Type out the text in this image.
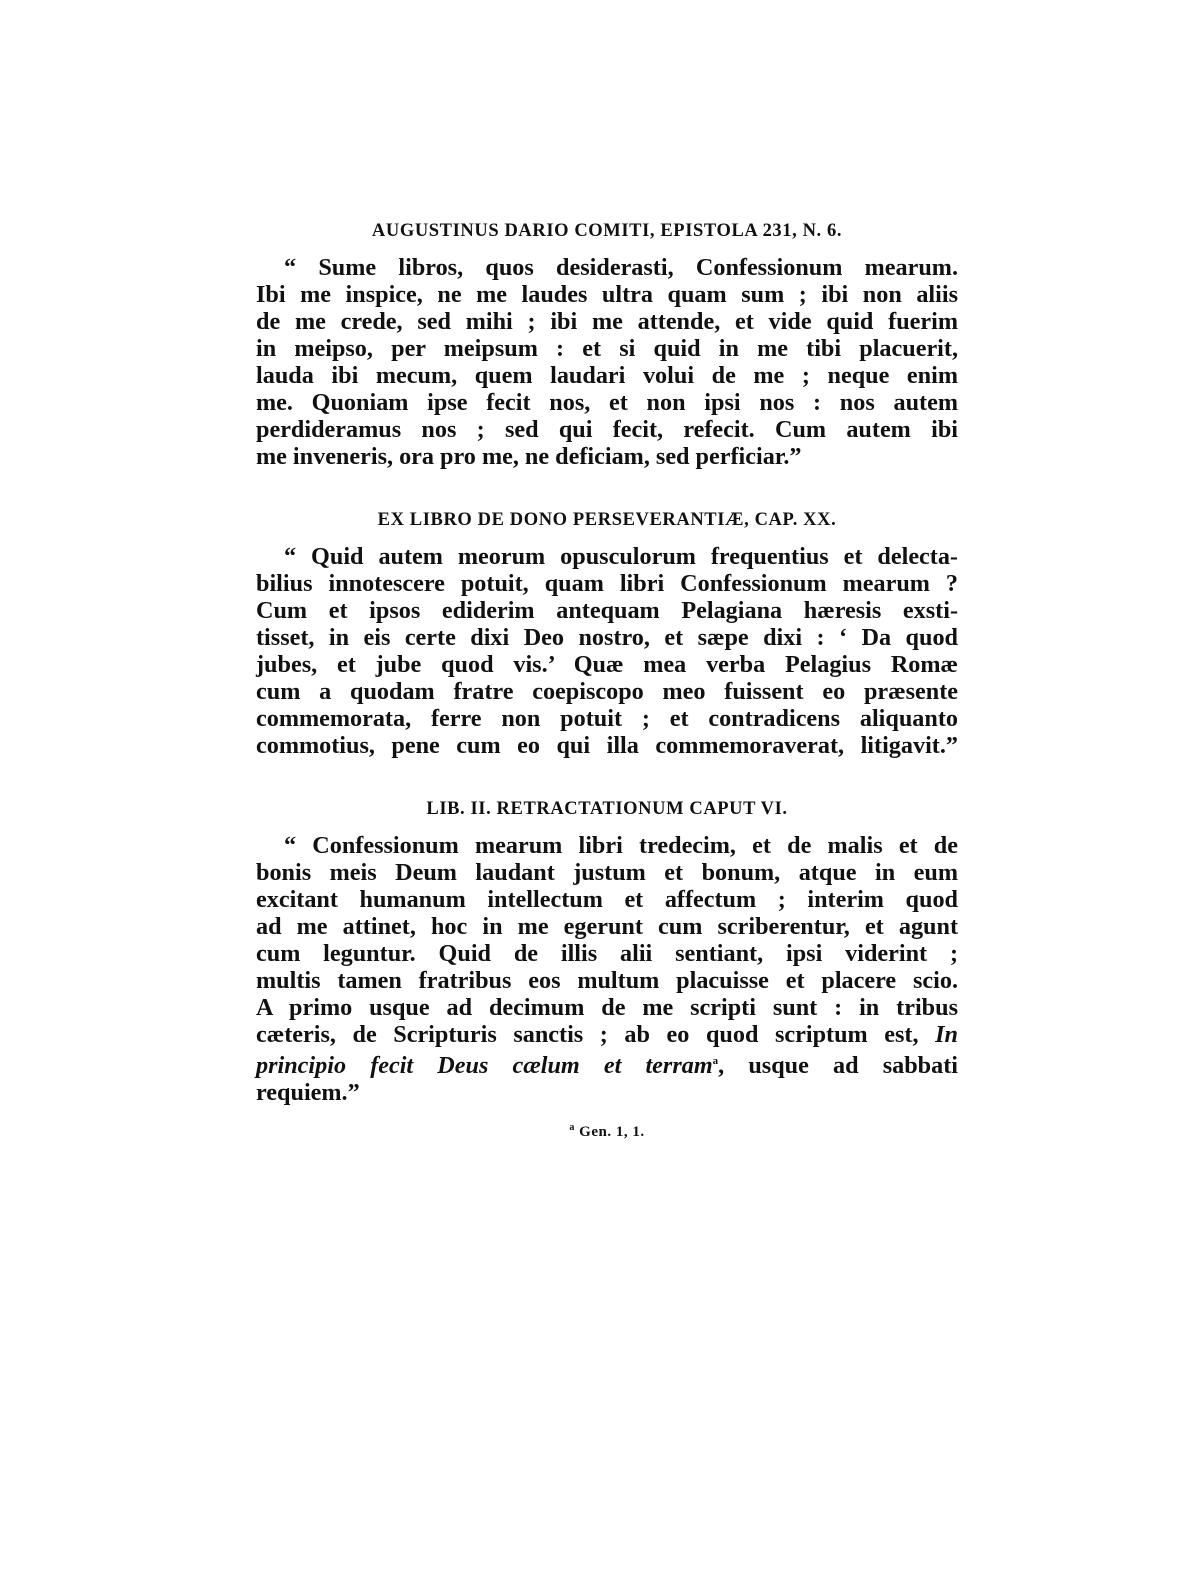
AUGUSTINUS DARIO COMITI, EPISTOLA 231, N. 6.
“ Sume libros, quos desiderasti, Confessionum mearum.
Ibi me inspice, ne me laudes ultra quam sum ; ibi non aliis
de me crede, sed mihi ; ibi me attende, et vide quid fuerim
in meipso, per meipsum : et si quid in me tibi placuerit,
lauda ibi mecum, quem laudari volui de me ; neque enim
me. Quoniam ipse fecit nos, et non ipsi nos : nos autem
perdideramus nos ; sed qui fecit, refecit. Cum autem ibi
me inveneris, ora pro me, ne deficiam, sed perficiar.”
EX LIBRO DE DONO PERSEVERANTIÆ, CAP. XX.
“ Quid autem meorum opusculorum frequentius et delecta-
bilius innotescere potuit, quam libri Confessionum mearum ?
Cum et ipsos ediderim antequam Pelagiana hæresis exsti-
tisset, in eis certe dixi Deo nostro, et sæpe dixi : ‘ Da quod
jubes, et jube quod vis.’ Quæ mea verba Pelagius Romæ
cum a quodam fratre coepiscopo meo fuissent eo præsente
commemorata, ferre non potuit ; et contradicens aliquanto
commotius, pene cum eo qui illa commemoraverat, litigavit.”
LIB. II. RETRACTATIONUM CAPUT VI.
“ Confessionum mearum libri tredecim, et de malis et de
bonis meis Deum laudant justum et bonum, atque in eum
excitant humanum intellectum et affectum ; interim quod
ad me attinet, hoc in me egerunt cum scriberentur, et agunt
cum leguntur. Quid de illis alii sentiant, ipsi viderint ;
multis tamen fratribus eos multum placuisse et placere scio.
A primo usque ad decimum de me scripti sunt : in tribus
cæteris, de Scripturis sanctis ; ab eo quod scriptum est, In
principio fecit Deus cælum et terram$^a$, usque ad sabbati
requiem.”
$^a$ Gen. 1, 1.
